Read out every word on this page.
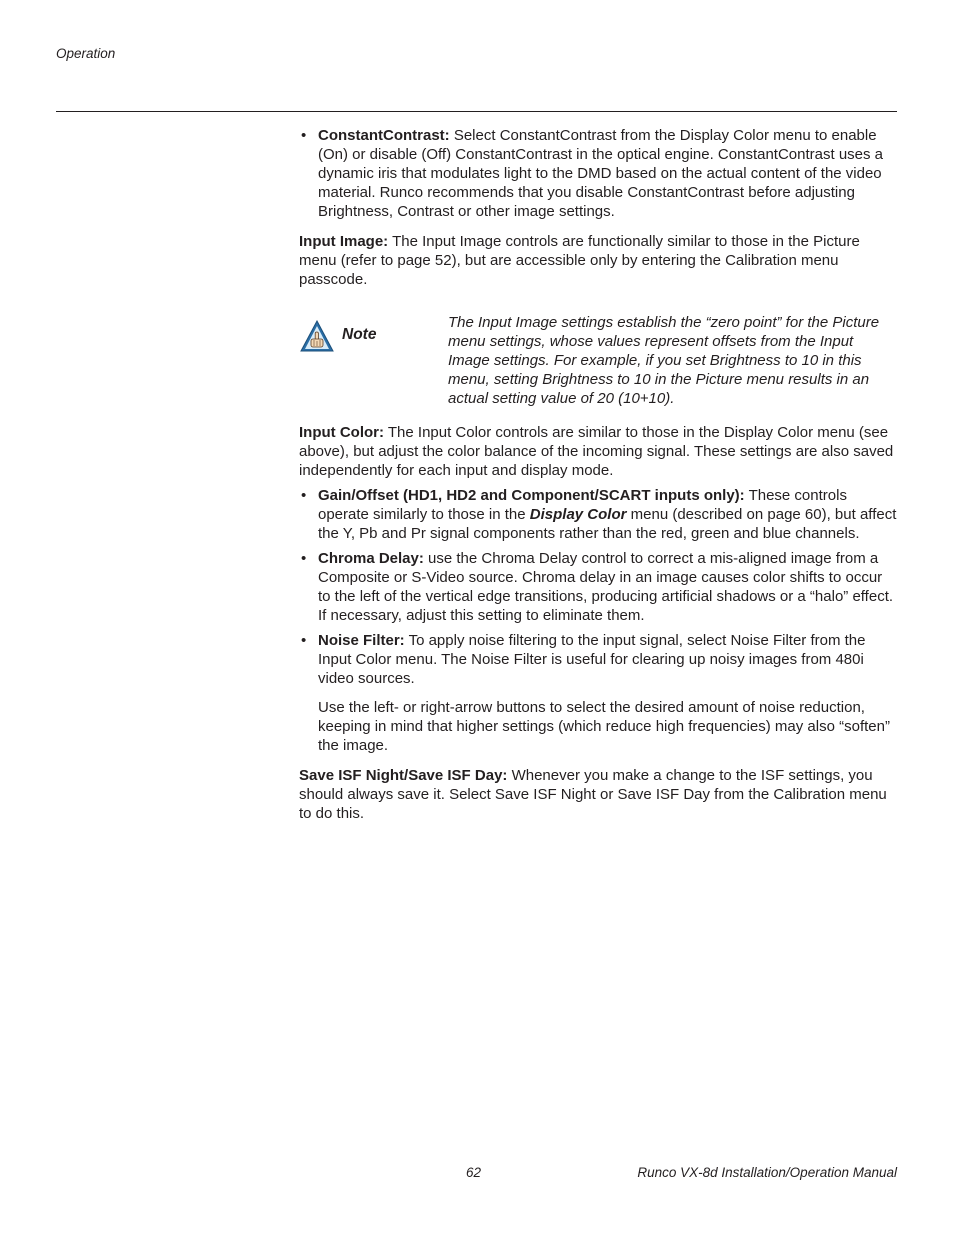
Operation

• ConstantContrast: Select ConstantContrast from the Display Color menu to enable (On) or disable (Off) ConstantContrast in the optical engine. ConstantContrast uses a dynamic iris that modulates light to the DMD based on the actual content of the video material. Runco recommends that you disable ConstantContrast before adjusting Brightness, Contrast or other image settings.

Input Image: The Input Image controls are functionally similar to those in the Picture menu (refer to page 52), but are accessible only by entering the Calibration menu passcode.

Note
The Input Image settings establish the “zero point” for the Picture menu settings, whose values represent offsets from the Input Image settings. For example, if you set Brightness to 10 in this menu, setting Brightness to 10 in the Picture menu results in an actual setting value of 20 (10+10).

Input Color: The Input Color controls are similar to those in the Display Color menu (see above), but adjust the color balance of the incoming signal. These settings are also saved independently for each input and display mode.

• Gain/Offset (HD1, HD2 and Component/SCART inputs only): These controls operate similarly to those in the Display Color menu (described on page 60), but affect the Y, Pb and Pr signal components rather than the red, green and blue channels.

• Chroma Delay: use the Chroma Delay control to correct a mis-aligned image from a Composite or S-Video source. Chroma delay in an image causes color shifts to occur to the left of the vertical edge transitions, producing artificial shadows or a “halo” effect. If necessary, adjust this setting to eliminate them.

• Noise Filter: To apply noise filtering to the input signal, select Noise Filter from the Input Color menu. The Noise Filter is useful for clearing up noisy images from 480i video sources.

Use the left- or right-arrow buttons to select the desired amount of noise reduction, keeping in mind that higher settings (which reduce high frequencies) may also “soften” the image.

Save ISF Night/Save ISF Day: Whenever you make a change to the ISF settings, you should always save it. Select Save ISF Night or Save ISF Day from the Calibration menu to do this.

62	Runco VX-8d Installation/Operation Manual
